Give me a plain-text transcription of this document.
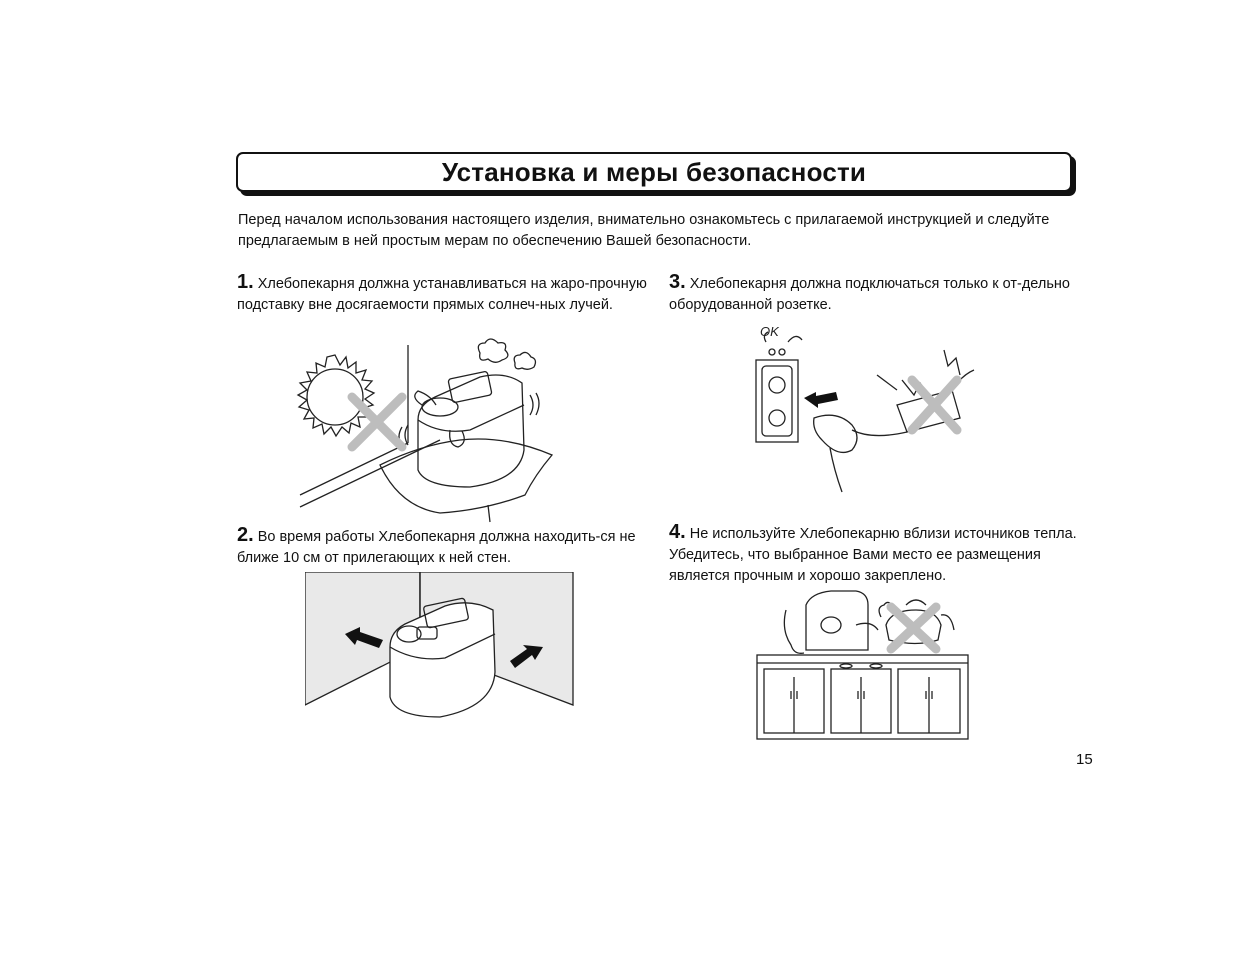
Установка и меры безопасности

Перед началом использования настоящего изделия, внимательно ознакомьтесь с прилагаемой инструкцией и следуйте предлагаемым в ней простым мерам по обеспечению Вашей безопасности.

1. Хлебопекарня должна устанавливаться на жаро-прочную подставку вне досягаемости прямых солнеч-ных лучей.

2. Во время работы Хлебопекарня должна находить-ся не ближе 10 см от прилегающих к ней стен.

3. Хлебопекарня должна подключаться только к от-дельно оборудованной розетке.

4. Не используйте Хлебопекарню вблизи источников тепла. Убедитесь, что выбранное Вами место ее размещения является прочным и хорошо закреплено.

OK
15
